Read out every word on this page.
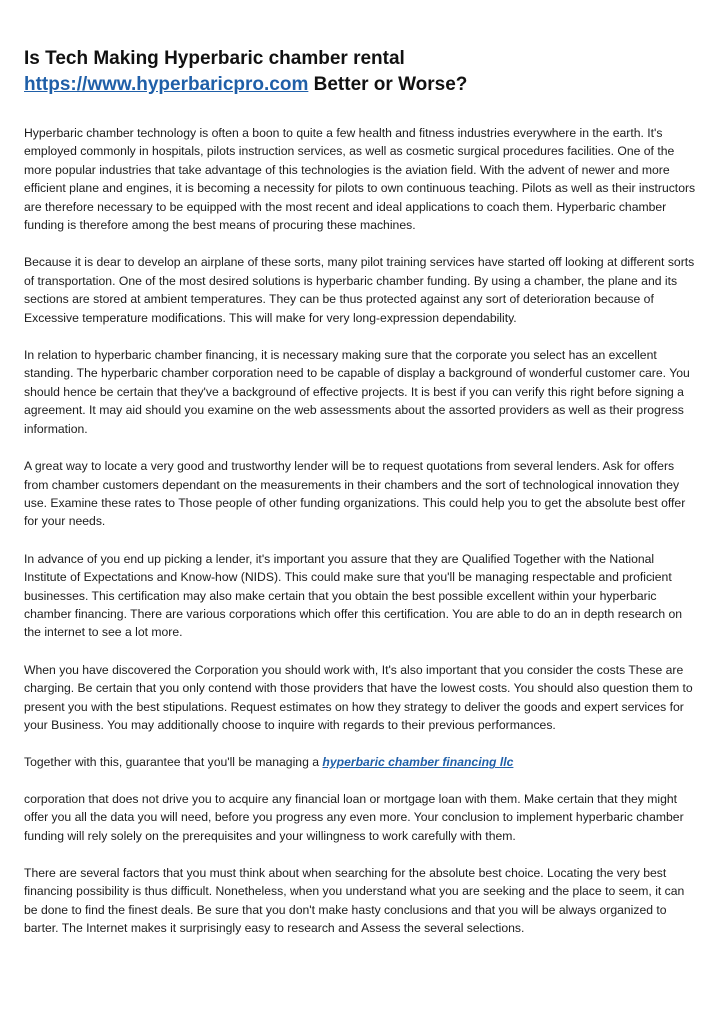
Is Tech Making Hyperbaric chamber rental
https://www.hyperbaricpro.com Better or Worse?

Hyperbaric chamber technology is often a boon to quite a few health and fitness industries everywhere in the earth. It's employed commonly in hospitals, pilots instruction services, as well as cosmetic surgical procedures facilities. One of the more popular industries that take advantage of this technologies is the aviation field. With the advent of newer and more efficient plane and engines, it is becoming a necessity for pilots to own continuous teaching. Pilots as well as their instructors are therefore necessary to be equipped with the most recent and ideal applications to coach them. Hyperbaric chamber funding is therefore among the best means of procuring these machines.

Because it is dear to develop an airplane of these sorts, many pilot training services have started off looking at different sorts of transportation. One of the most desired solutions is hyperbaric chamber funding. By using a chamber, the plane and its sections are stored at ambient temperatures. They can be thus protected against any sort of deterioration because of Excessive temperature modifications. This will make for very long-expression dependability.

In relation to hyperbaric chamber financing, it is necessary making sure that the corporate you select has an excellent standing. The hyperbaric chamber corporation need to be capable of display a background of wonderful customer care. You should hence be certain that they've a background of effective projects. It is best if you can verify this right before signing a agreement. It may aid should you examine on the web assessments about the assorted providers as well as their progress information.

A great way to locate a very good and trustworthy lender will be to request quotations from several lenders. Ask for offers from chamber customers dependant on the measurements in their chambers and the sort of technological innovation they use. Examine these rates to Those people of other funding organizations. This could help you to get the absolute best offer for your needs.

In advance of you end up picking a lender, it's important you assure that they are Qualified Together with the National Institute of Expectations and Know-how (NIDS). This could make sure that you'll be managing respectable and proficient businesses. This certification may also make certain that you obtain the best possible excellent within your hyperbaric chamber financing. There are various corporations which offer this certification. You are able to do an in depth research on the internet to see a lot more.

When you have discovered the Corporation you should work with, It's also important that you consider the costs These are charging. Be certain that you only contend with those providers that have the lowest costs. You should also question them to present you with the best stipulations. Request estimates on how they strategy to deliver the goods and expert services for your Business. You may additionally choose to inquire with regards to their previous performances.

Together with this, guarantee that you'll be managing a hyperbaric chamber financing llc

corporation that does not drive you to acquire any financial loan or mortgage loan with them. Make certain that they might offer you all the data you will need, before you progress any even more. Your conclusion to implement hyperbaric chamber funding will rely solely on the prerequisites and your willingness to work carefully with them.

There are several factors that you must think about when searching for the absolute best choice. Locating the very best financing possibility is thus difficult. Nonetheless, when you understand what you are seeking and the place to seem, it can be done to find the finest deals. Be sure that you don't make hasty conclusions and that you will be always organized to barter. The Internet makes it surprisingly easy to research and Assess the several selections.
